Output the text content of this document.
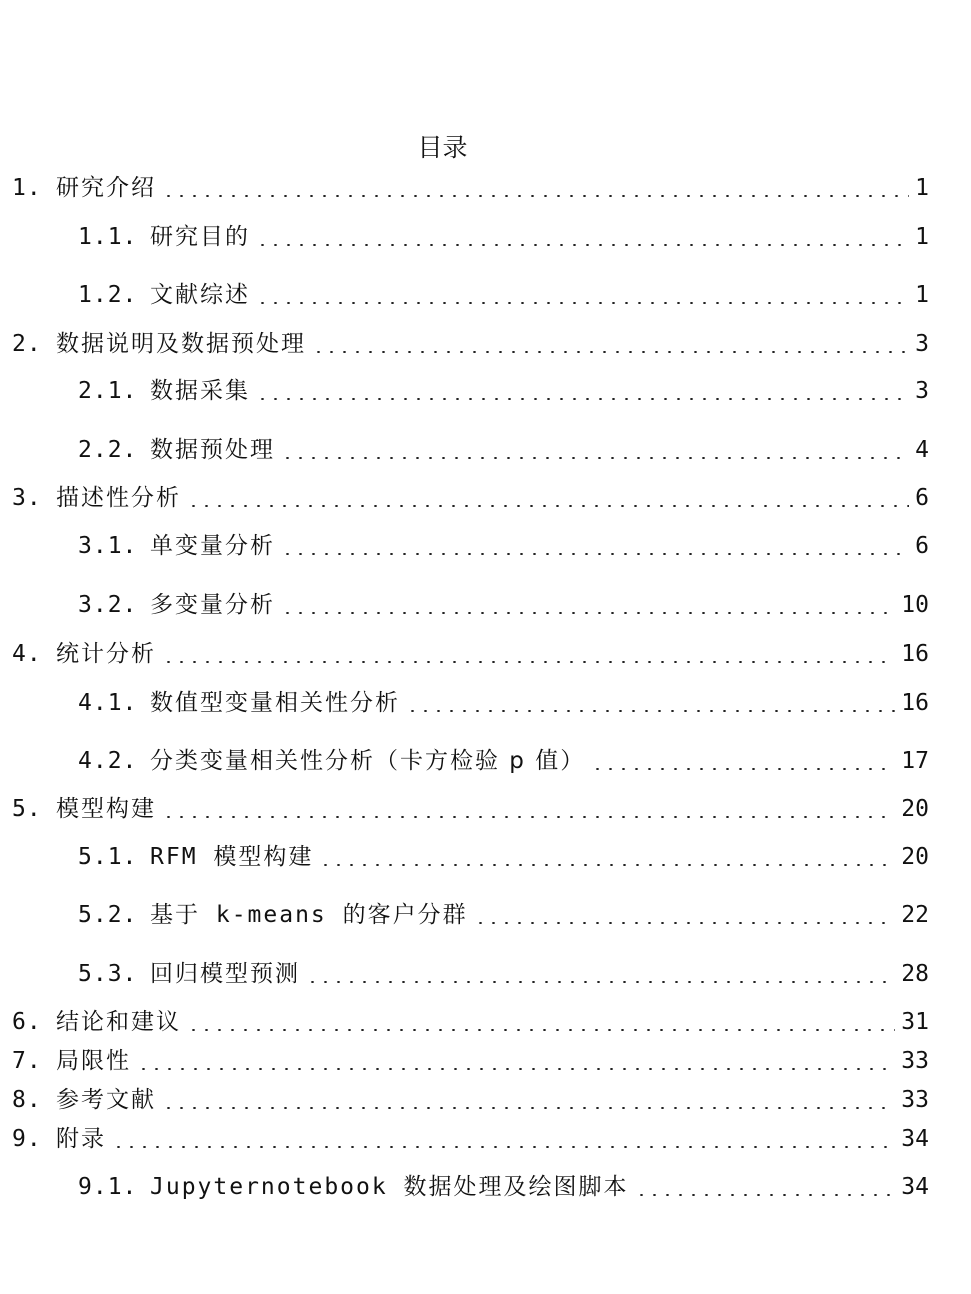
目录
1. 研究介绍	1
1.1. 研究目的	1
1.2. 文献综述	1
2. 数据说明及数据预处理	3
2.1. 数据采集	3
2.2. 数据预处理	4
3. 描述性分析	6
3.1. 单变量分析	6
3.2. 多变量分析	10
4. 统计分析	16
4.1. 数值型变量相关性分析	16
4.2. 分类变量相关性分析（卡方检验 p 值）	17
5. 模型构建	20
5.1. RFM 模型构建	20
5.2. 基于 k-means 的客户分群	22
5.3. 回归模型预测	28
6. 结论和建议	31
7. 局限性	33
8. 参考文献	33
9. 附录	34
9.1. Jupyternotebook 数据处理及绘图脚本	34
